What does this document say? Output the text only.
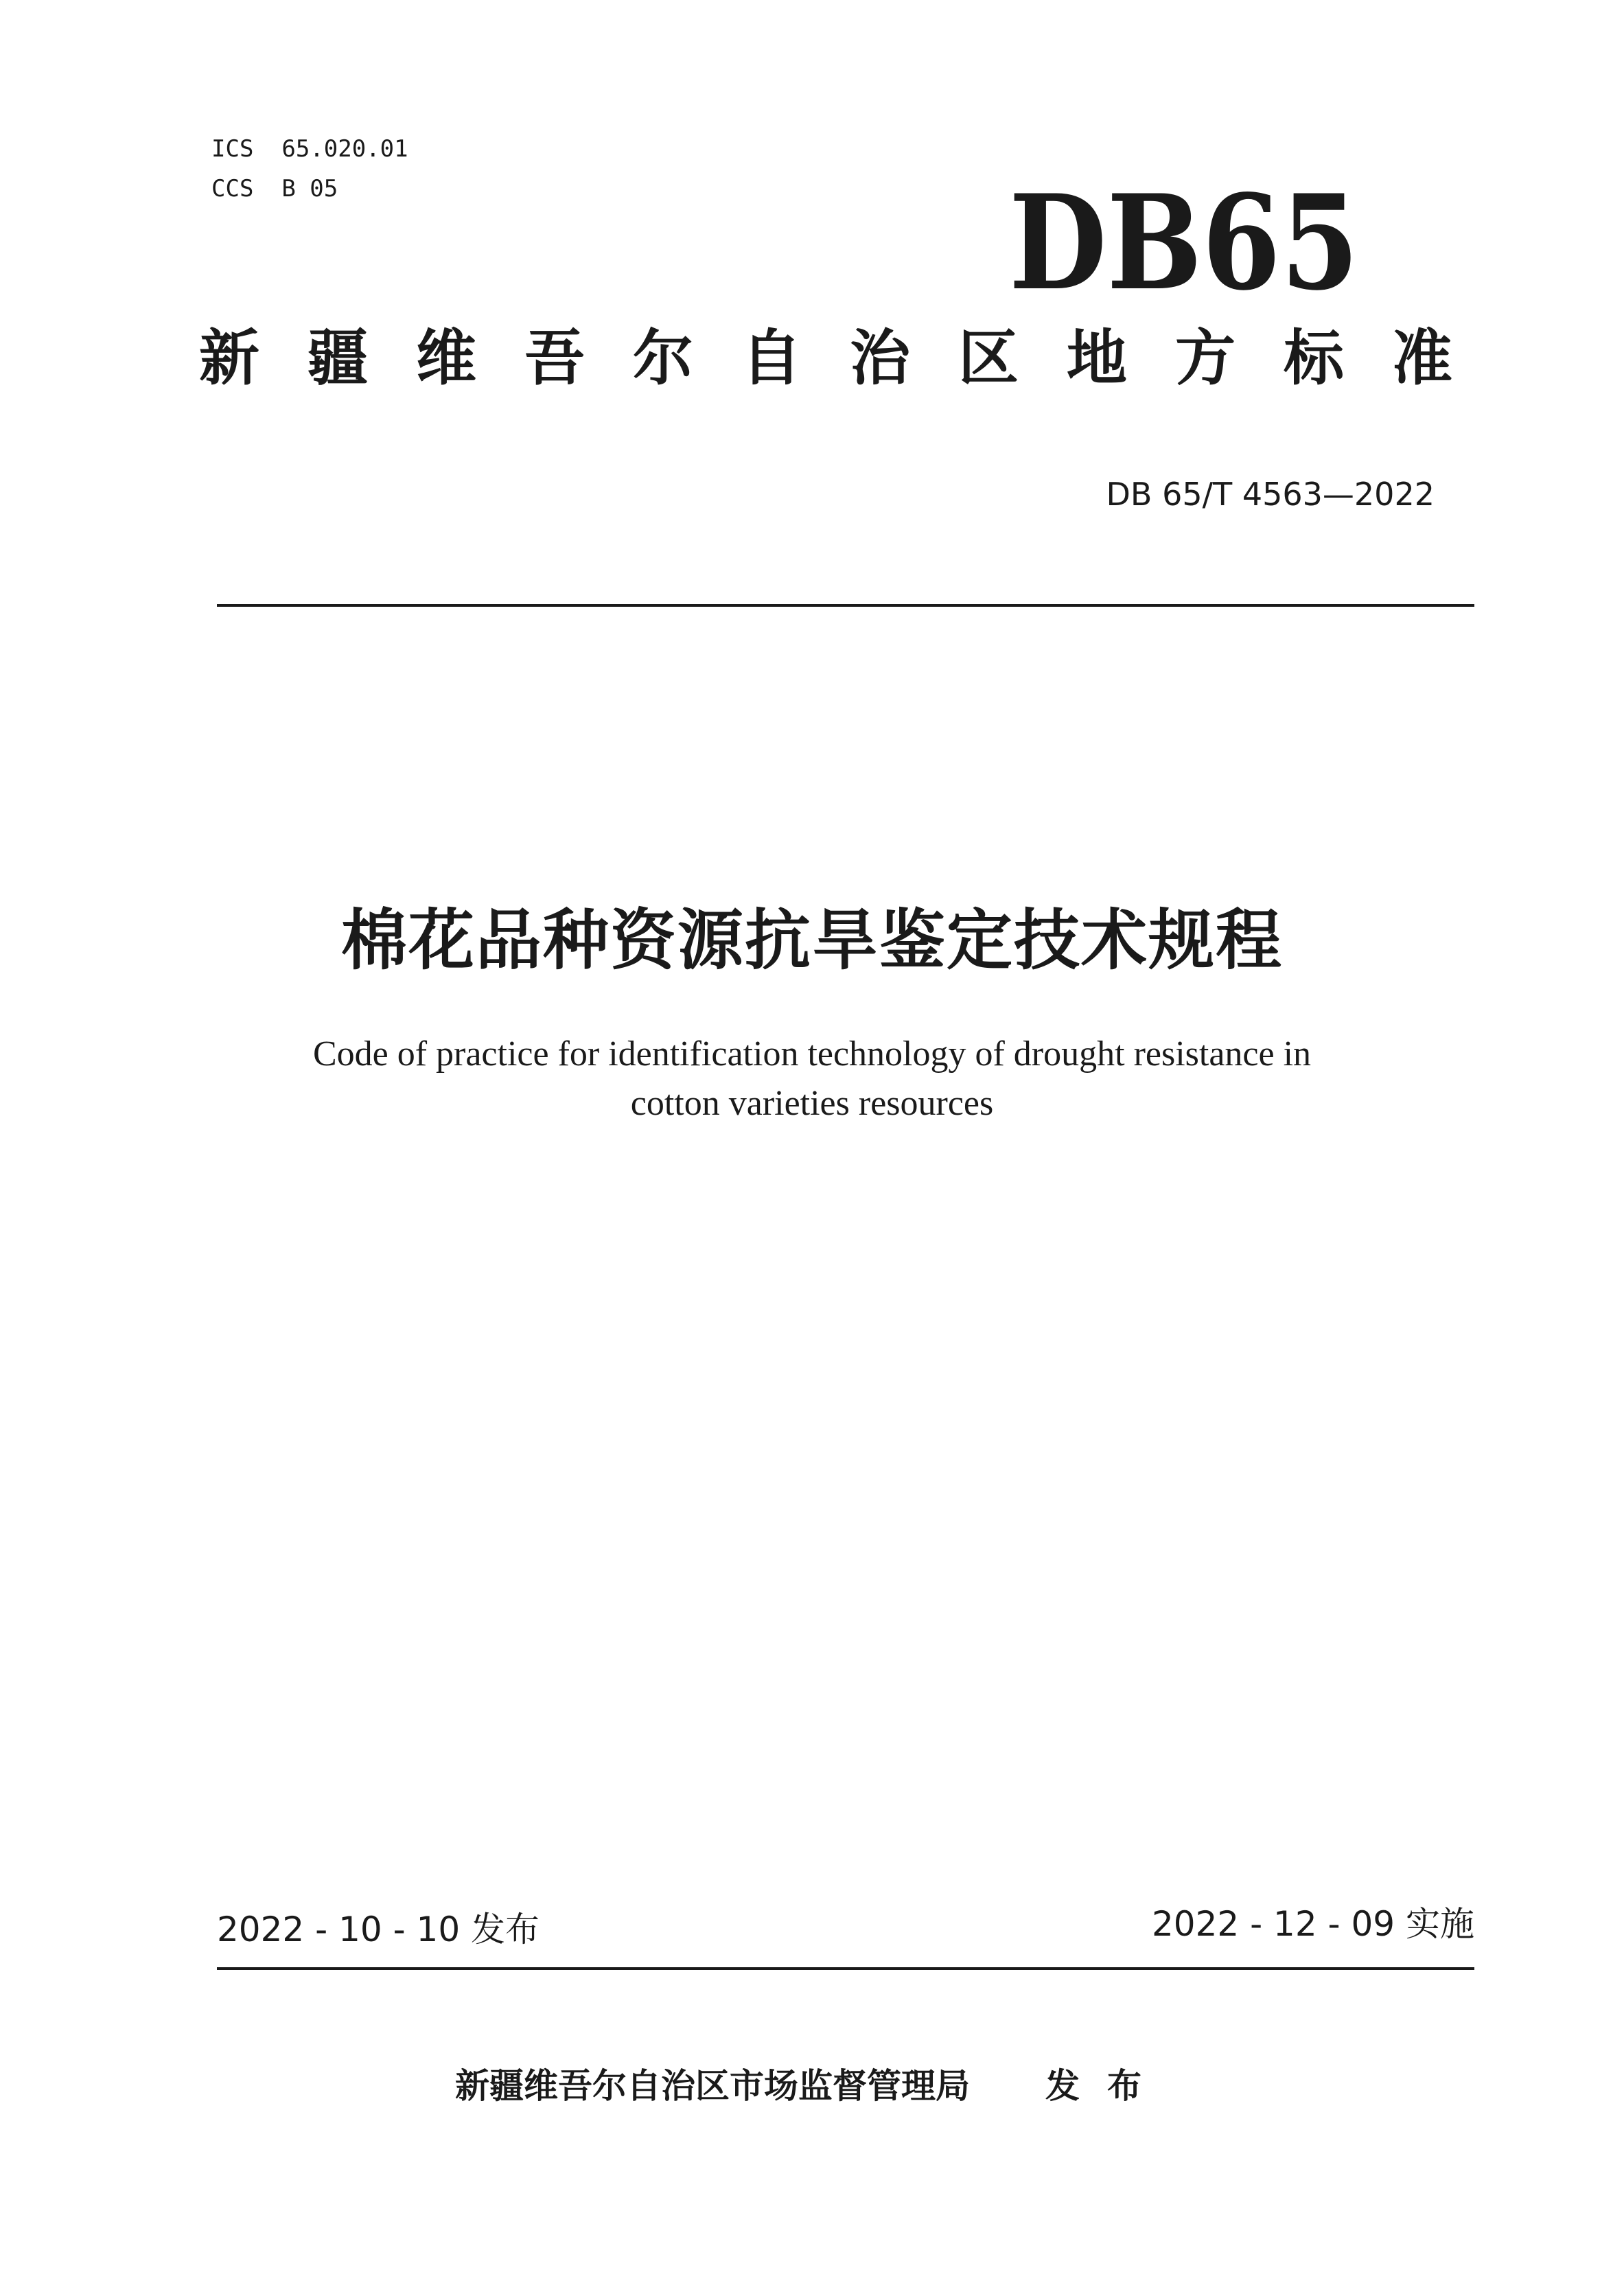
ICS  65.020.01
CCS  B 05	DB65
新疆维吾尔自治区地方标准
DB 65/T 4563—2022
棉花品种资源抗旱鉴定技术规程
Code of practice for identification technology of drought resistance in
cotton varieties resources
2022 - 10 - 10 发布	2022 - 12 - 09 实施
新疆维吾尔自治区市场监督管理局 发布
